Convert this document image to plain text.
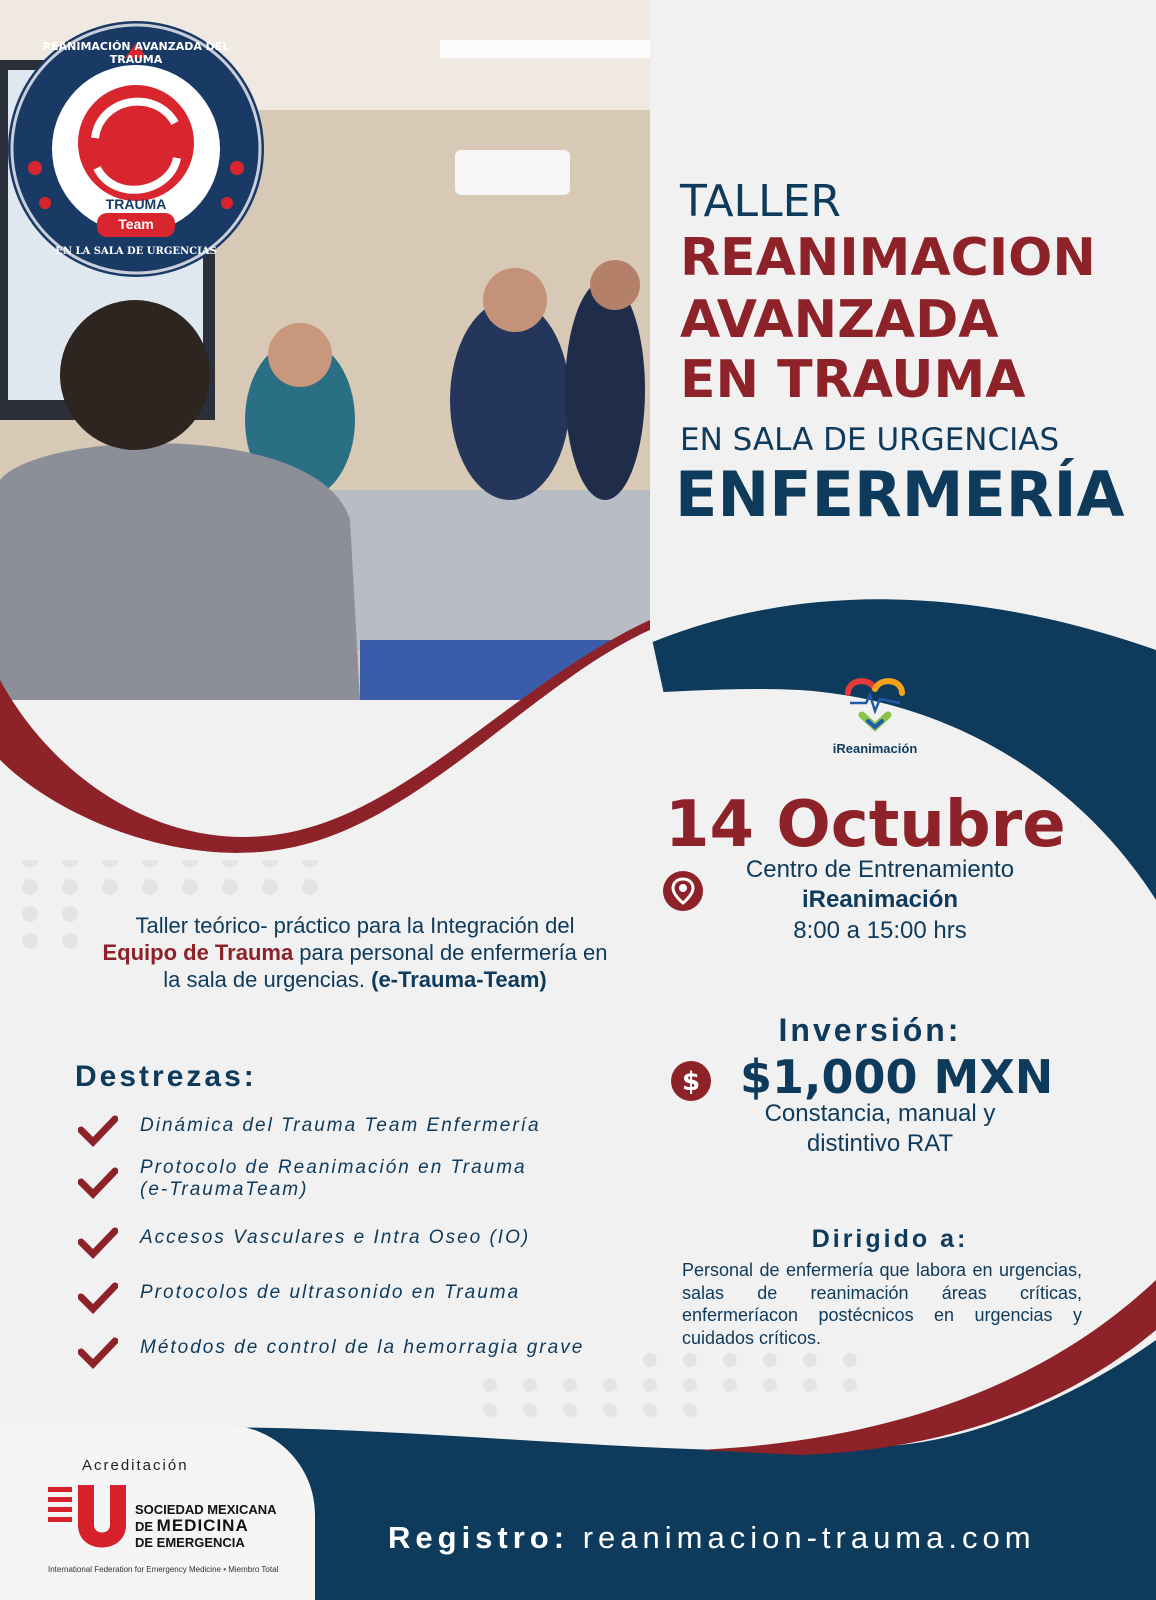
REANIMACIÓN AVANZADA DEL TRAUMA
TRAUMA
Team
EN LA SALA DE URGENCIAS
TALLER
REANIMACION
AVANZADA
EN TRAUMA
EN SALA DE URGENCIAS
ENFERMERÍA
iReanimación
14 Octubre
Centro de Entrenamiento
iReanimación
8:00 a 15:00 hrs
Taller teórico- práctico para la Integración del
Equipo de Trauma para personal de enfermería en
la sala de urgencias. (e-Trauma-Team)
Inversión:
$ $1,000 MXN
Constancia, manual y
distintivo RAT
Destrezas:
Dinámica del Trauma Team Enfermería
Protocolo de Reanimación en Trauma
(e-TraumaTeam)
Accesos Vasculares e Intra Oseo (IO)
Protocolos de ultrasonido en Trauma
Métodos de control de la hemorragia grave
Dirigido a:
Personal de enfermería que labora en urgencias, salas de reanimación áreas críticas, enfermeríacon postécnicos en urgencias y cuidados críticos.
Acreditación
SOCIEDAD MEXICANA
DE MEDICINA
DE EMERGENCIA
International Federation for Emergency Medicine • Miembro Total
Registro: reanimacion-trauma.com
